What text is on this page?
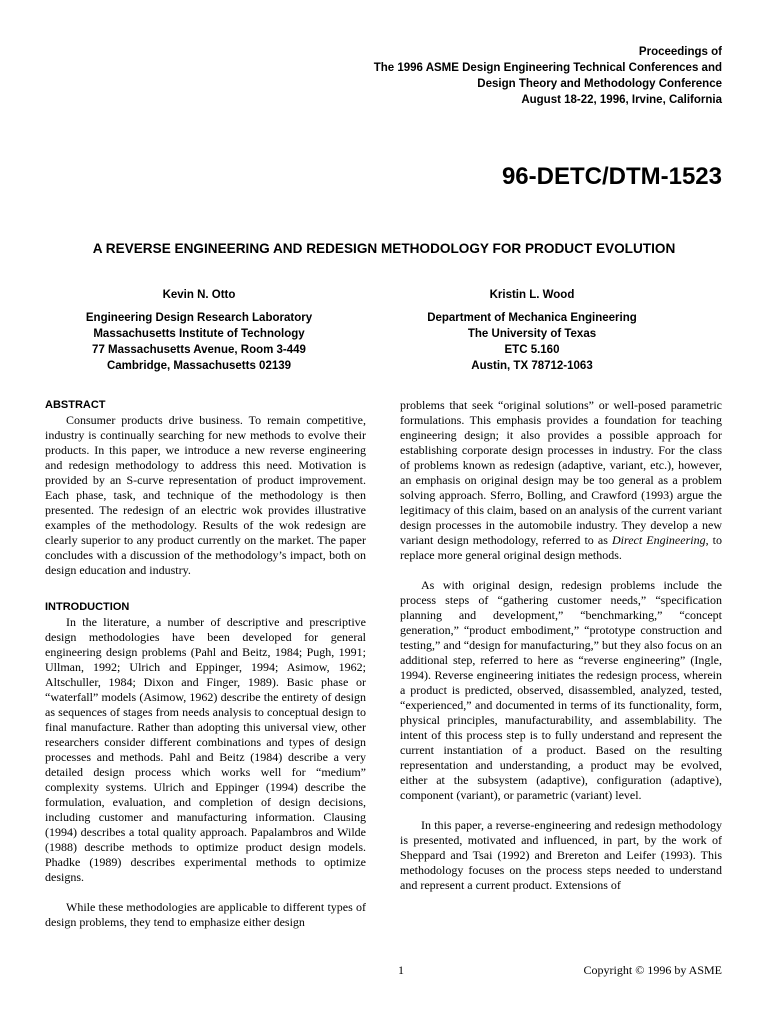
Proceedings of
The 1996 ASME Design Engineering Technical Conferences and
Design Theory and Methodology Conference
August 18-22, 1996, Irvine, California
96-DETC/DTM-1523
A REVERSE ENGINEERING AND REDESIGN METHODOLOGY FOR PRODUCT EVOLUTION
Kevin N. Otto
Engineering Design Research Laboratory
Massachusetts Institute of Technology
77 Massachusetts Avenue, Room 3-449
Cambridge, Massachusetts 02139
Kristin L. Wood
Department of Mechanica Engineering
The University of Texas
ETC 5.160
Austin, TX 78712-1063

ABSTRACT

Consumer products drive business. To remain competitive, industry is continually searching for new methods to evolve their products. In this paper, we introduce a new reverse engineering and redesign methodology to address this need. Motivation is provided by an S-curve representation of product improvement. Each phase, task, and technique of the methodology is then presented. The redesign of an electric wok provides illustrative examples of the methodology. Results of the wok redesign are clearly superior to any product currently on the market. The paper concludes with a discussion of the methodology’s impact, both on design education and industry.

INTRODUCTION

In the literature, a number of descriptive and prescriptive design methodologies have been developed for general engineering design problems (Pahl and Beitz, 1984; Pugh, 1991; Ullman, 1992; Ulrich and Eppinger, 1994; Asimow, 1962; Altschuller, 1984; Dixon and Finger, 1989). Basic phase or “waterfall” models (Asimow, 1962) describe the entirety of design as sequences of stages from needs analysis to conceptual design to final manufacture. Rather than adopting this universal view, other researchers consider different combinations and types of design processes and methods. Pahl and Beitz (1984) describe a very detailed design process which works well for “medium” complexity systems. Ulrich and Eppinger (1994) describe the formulation, evaluation, and completion of design decisions, including customer and manufacturing information. Clausing (1994) describes a total quality approach. Papalambros and Wilde (1988) describe methods to optimize product design models. Phadke (1989) describes experimental methods to optimize designs.

While these methodologies are applicable to different types of design problems, they tend to emphasize either design

problems that seek “original solutions” or well-posed parametric formulations. This emphasis provides a foundation for teaching engineering design; it also provides a possible approach for establishing corporate design processes in industry. For the class of problems known as redesign (adaptive, variant, etc.), however, an emphasis on original design may be too general as a problem solving approach. Sferro, Bolling, and Crawford (1993) argue the legitimacy of this claim, based on an analysis of the current variant design processes in the automobile industry. They develop a new variant design methodology, referred to as Direct Engineering, to replace more general original design methods.

As with original design, redesign problems include the process steps of “gathering customer needs,” “specification planning and development,” “benchmarking,” “concept generation,” “product embodiment,” “prototype construction and testing,” and “design for manufacturing,” but they also focus on an additional step, referred to here as “reverse engineering” (Ingle, 1994). Reverse engineering initiates the redesign process, wherein a product is predicted, observed, disassembled, analyzed, tested, “experienced,” and documented in terms of its functionality, form, physical principles, manufacturability, and assemblability. The intent of this process step is to fully understand and represent the current instantiation of a product. Based on the resulting representation and understanding, a product may be evolved, either at the subsystem (adaptive), configuration (adaptive), component (variant), or parametric (variant) level.

In this paper, a reverse-engineering and redesign methodology is presented, motivated and influenced, in part, by the work of Sheppard and Tsai (1992) and Brereton and Leifer (1993). This methodology focuses on the process steps needed to understand and represent a current product. Extensions of

1	Copyright © 1996 by ASME
